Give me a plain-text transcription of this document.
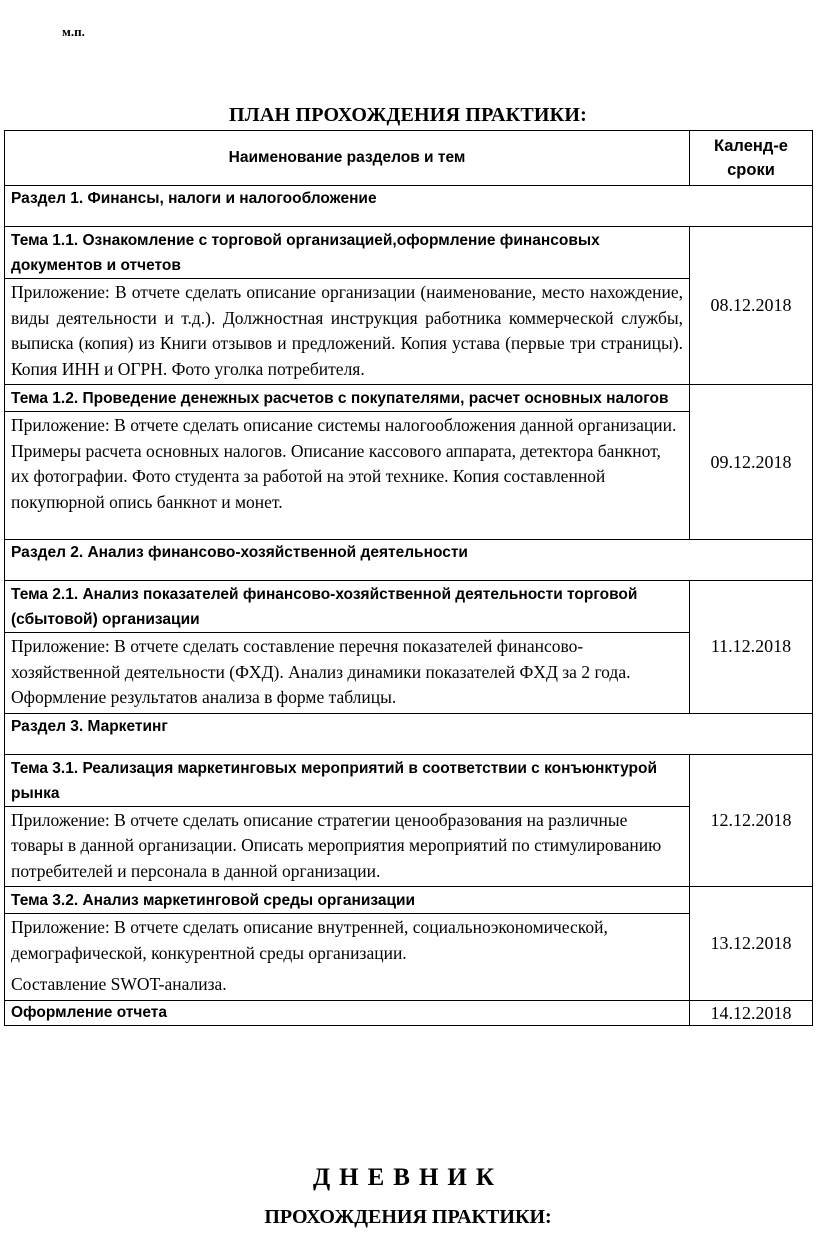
м.п.
ПЛАН ПРОХОЖДЕНИЯ ПРАКТИКИ:
Наименование разделов и тем	Календ-е сроки
Раздел 1. Финансы, налоги и налогообложение	
Тема 1.1. Ознакомление с торговой организацией,оформление финансовых документов и отчетов	08.12.2018

Приложение: В отчете сделать описание организации (наименование, место нахождение, виды деятельности и т.д.). Должностная инструкция работника коммерческой службы, выписка (копия) из Книги отзывов и предложений. Копия устава (первые три страницы). Копия ИНН и ОГРН. Фото уголка потребителя.	

Тема 1.2. Проведение денежных расчетов с покупателями, расчет основных налогов	09.12.2018

Приложение: В отчете сделать описание системы налогообложения данной организации. Примеры расчета основных налогов. Описание кассового аппарата, детектора банкнот, их фотографии. Фото студента за работой на этой технике. Копия составленной покупюрной опись банкнот и монет.	

Раздел 2. Анализ финансово-хозяйственной деятельности	
Тема 2.1. Анализ показателей финансово-хозяйственной деятельности торговой (сбытовой) организации	11.12.2018

Приложение: В отчете сделать составление перечня показателей финансово-хозяйственной деятельности (ФХД). Анализ динамики показателей ФХД за 2 года. Оформление результатов анализа в форме таблицы.	

Раздел 3. Маркетинг	
Тема 3.1. Реализация маркетинговых мероприятий в соответствии с конъюнктурой рынка	12.12.2018

Приложение: В отчете сделать описание стратегии ценообразования на различные товары в данной организации. Описать мероприятия мероприятий по стимулированию потребителей и персонала в данной организации.	

Тема 3.2. Анализ маркетинговой среды организации	13.12.2018

Приложение: В отчете сделать описание внутренней, социальноэкономической, демографической, конкурентной среды организации.

Составление SWOT-анализа.	

Оформление отчета	14.12.2018
ДНЕВНИК
ПРОХОЖДЕНИЯ ПРАКТИКИ:
